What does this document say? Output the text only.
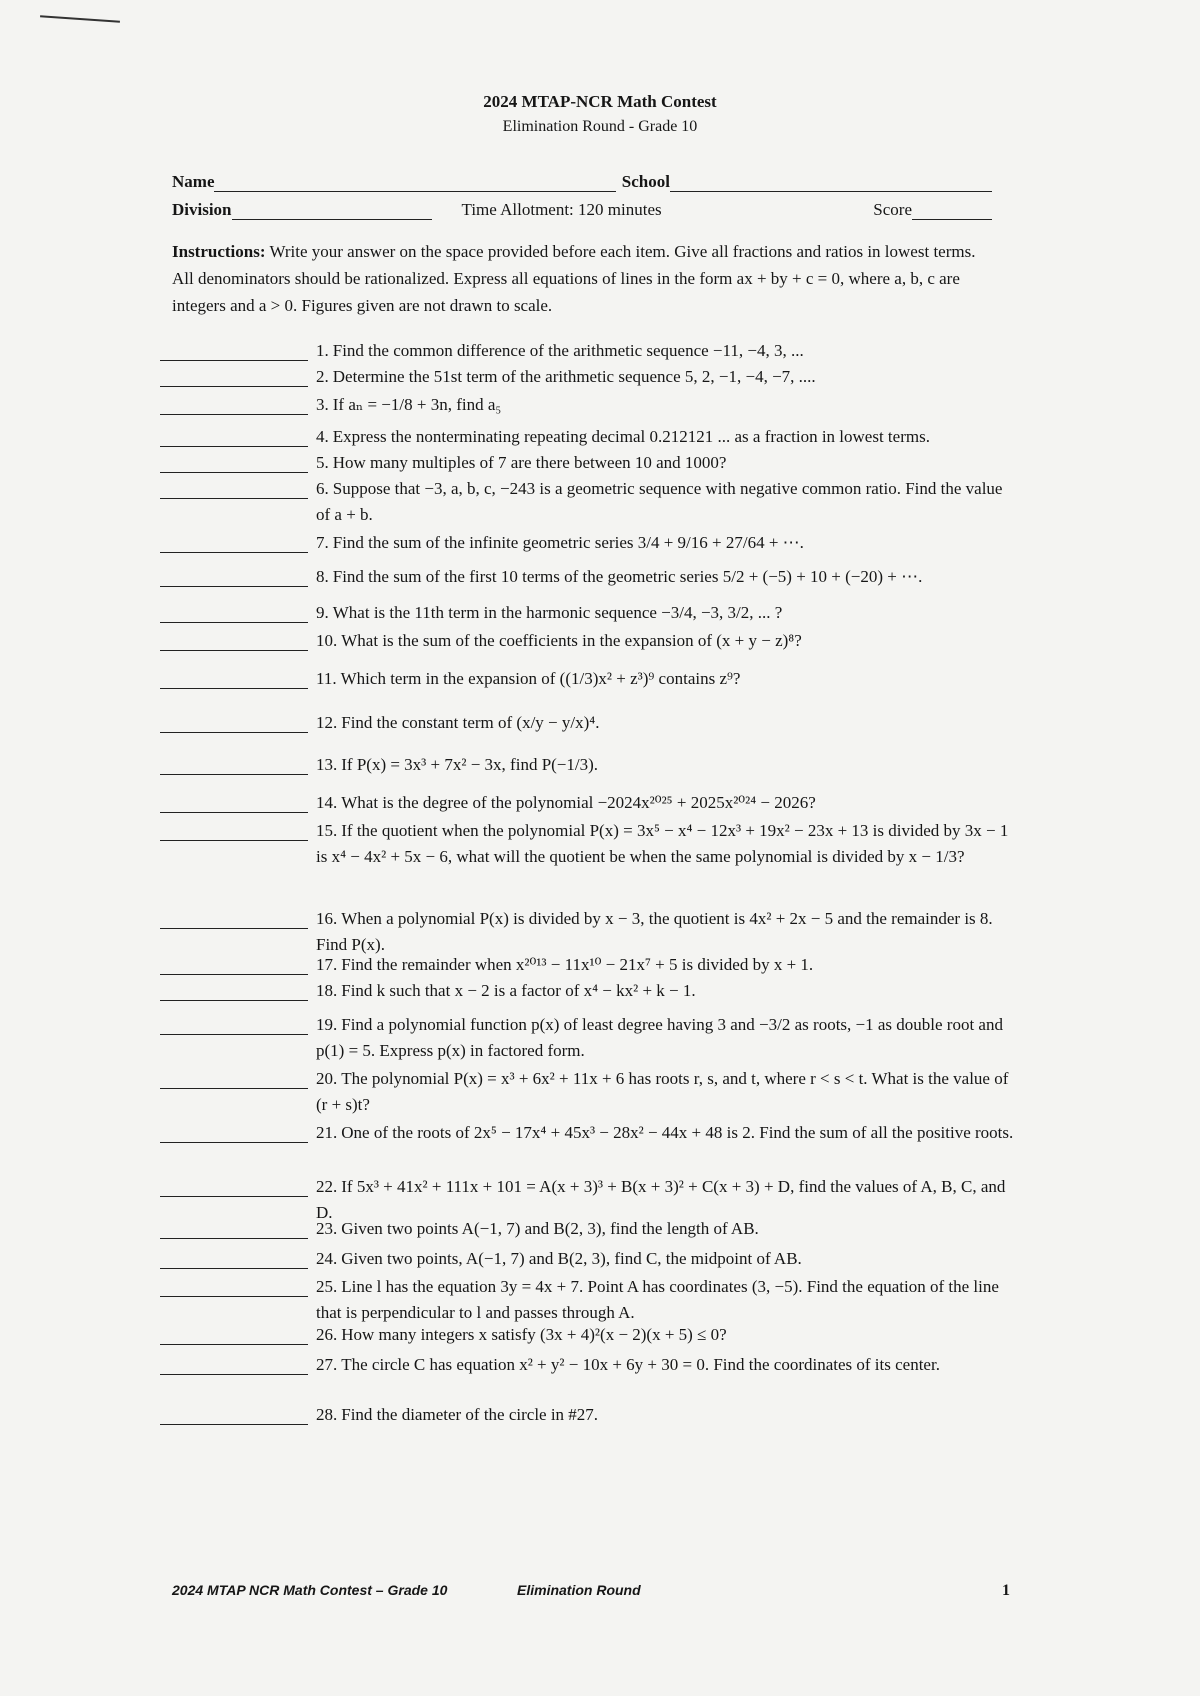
2024 MTAP-NCR Math Contest
Elimination Round - Grade 10
Name	School
Division	Time Allotment: 120 minutes	Score
Instructions: Write your answer on the space provided before each item. Give all fractions and ratios in lowest terms. All denominators should be rationalized. Express all equations of lines in the form ax + by + c = 0, where a, b, c are integers and a > 0. Figures given are not drawn to scale.
1. Find the common difference of the arithmetic sequence −11, −4, 3, ...
2. Determine the 51st term of the arithmetic sequence 5, 2, −1, −4, −7, ....
3. If aₙ = −1/8 + 3n, find a₅
4. Express the nonterminating repeating decimal 0.212121 ... as a fraction in lowest terms.
5. How many multiples of 7 are there between 10 and 1000?
6. Suppose that −3, a, b, c, −243 is a geometric sequence with negative common ratio. Find the value of a + b.
7. Find the sum of the infinite geometric series 3/4 + 9/16 + 27/64 + ⋯.
8. Find the sum of the first 10 terms of the geometric series 5/2 + (−5) + 10 + (−20) + ⋯.
9. What is the 11th term in the harmonic sequence −3/4, −3, 3/2, ... ?
10. What is the sum of the coefficients in the expansion of (x + y − z)⁸?
11. Which term in the expansion of ((1/3)x² + z³)⁹ contains z⁹?
12. Find the constant term of (x/y − y/x)⁴.
13. If P(x) = 3x³ + 7x² − 3x, find P(−1/3).
14. What is the degree of the polynomial −2024x²⁰²⁵ + 2025x²⁰²⁴ − 2026?
15. If the quotient when the polynomial P(x) = 3x⁵ − x⁴ − 12x³ + 19x² − 23x + 13 is divided by 3x − 1 is x⁴ − 4x² + 5x − 6, what will the quotient be when the same polynomial is divided by x − 1/3?
16. When a polynomial P(x) is divided by x − 3, the quotient is 4x² + 2x − 5 and the remainder is 8. Find P(x).
17. Find the remainder when x²⁰¹³ − 11x¹⁰ − 21x⁷ + 5 is divided by x + 1.
18. Find k such that x − 2 is a factor of x⁴ − kx² + k − 1.
19. Find a polynomial function p(x) of least degree having 3 and −3/2 as roots, −1 as double root and p(1) = 5. Express p(x) in factored form.
20. The polynomial P(x) = x³ + 6x² + 11x + 6 has roots r, s, and t, where r < s < t. What is the value of (r + s)t?
21. One of the roots of 2x⁵ − 17x⁴ + 45x³ − 28x² − 44x + 48 is 2. Find the sum of all the positive roots.
22. If 5x³ + 41x² + 111x + 101 = A(x + 3)³ + B(x + 3)² + C(x + 3) + D, find the values of A, B, C, and D.
23. Given two points A(−1, 7) and B(2, 3), find the length of AB.
24. Given two points, A(−1, 7) and B(2, 3), find C, the midpoint of AB.
25. Line l has the equation 3y = 4x + 7. Point A has coordinates (3, −5). Find the equation of the line that is perpendicular to l and passes through A.
26. How many integers x satisfy (3x + 4)²(x − 2)(x + 5) ≤ 0?
27. The circle C has equation x² + y² − 10x + 6y + 30 = 0. Find the coordinates of its center.
28. Find the diameter of the circle in #27.
2024 MTAP NCR Math Contest – Grade 10	Elimination Round	1
